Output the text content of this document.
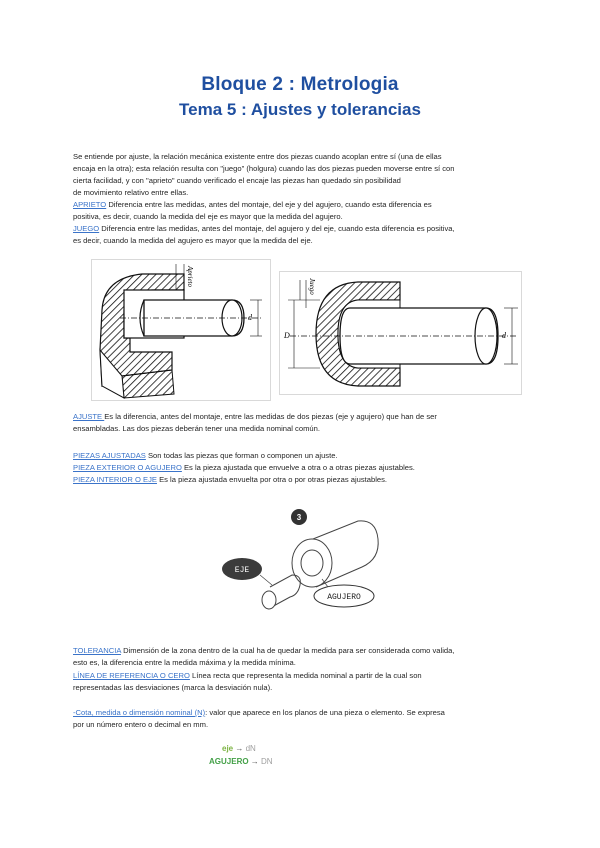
Bloque 2 : Metrologia
Tema 5 : Ajustes y tolerancias
Se entiende por ajuste, la relación mecánica existente entre dos piezas cuando acoplan entre sí (una de ellas
encaja en la otra); esta relación resulta con "juego" (holgura) cuando las dos piezas pueden moverse entre sí con
cierta facilidad, y con "aprieto" cuando verificado el encaje las piezas han quedado sin posibilidad
de movimiento relativo entre ellas.
APRIETO Diferencia entre las medidas, antes del montaje, del eje y del agujero, cuando esta diferencia es
positiva, es decir, cuando la medida del eje es mayor que la medida del agujero.
JUEGO Diferencia entre las medidas, antes del montaje, del agujero y del eje, cuando esta diferencia es positiva,
es decir, cuando la medida del agujero es mayor que la medida del eje.
Aprieto
d
D	d
Juego
AJUSTE Es la diferencia, antes del montaje, entre las medidas de dos piezas (eje y agujero) que han de ser
ensambladas. Las dos piezas deberán tener una medida nominal común.
PIEZAS AJUSTADAS Son todas las piezas que forman o componen un ajuste.
PIEZA EXTERIOR O AGUJERO Es la pieza ajustada que envuelve a otra o a otras piezas ajustables.
PIEZA INTERIOR O EJE Es la pieza ajustada envuelta por otra o por otras piezas ajustables.
3
EJE
AGUJERO
TOLERANCIA Dimensión de la zona dentro de la cual ha de quedar la medida para ser considerada como valida,
esto es, la diferencia entre la medida máxima y la medida mínima.
LÍNEA DE REFERENCIA O CERO Línea recta que representa la medida nominal a partir de la cual son
representadas las desviaciones (marca la desviación nula).
-Cota, medida o dimensión nominal (N): valor que aparece en los planos de una pieza o elemento. Se expresa
por un número entero o decimal en mm.
eje → dN
AGUJERO → DN
